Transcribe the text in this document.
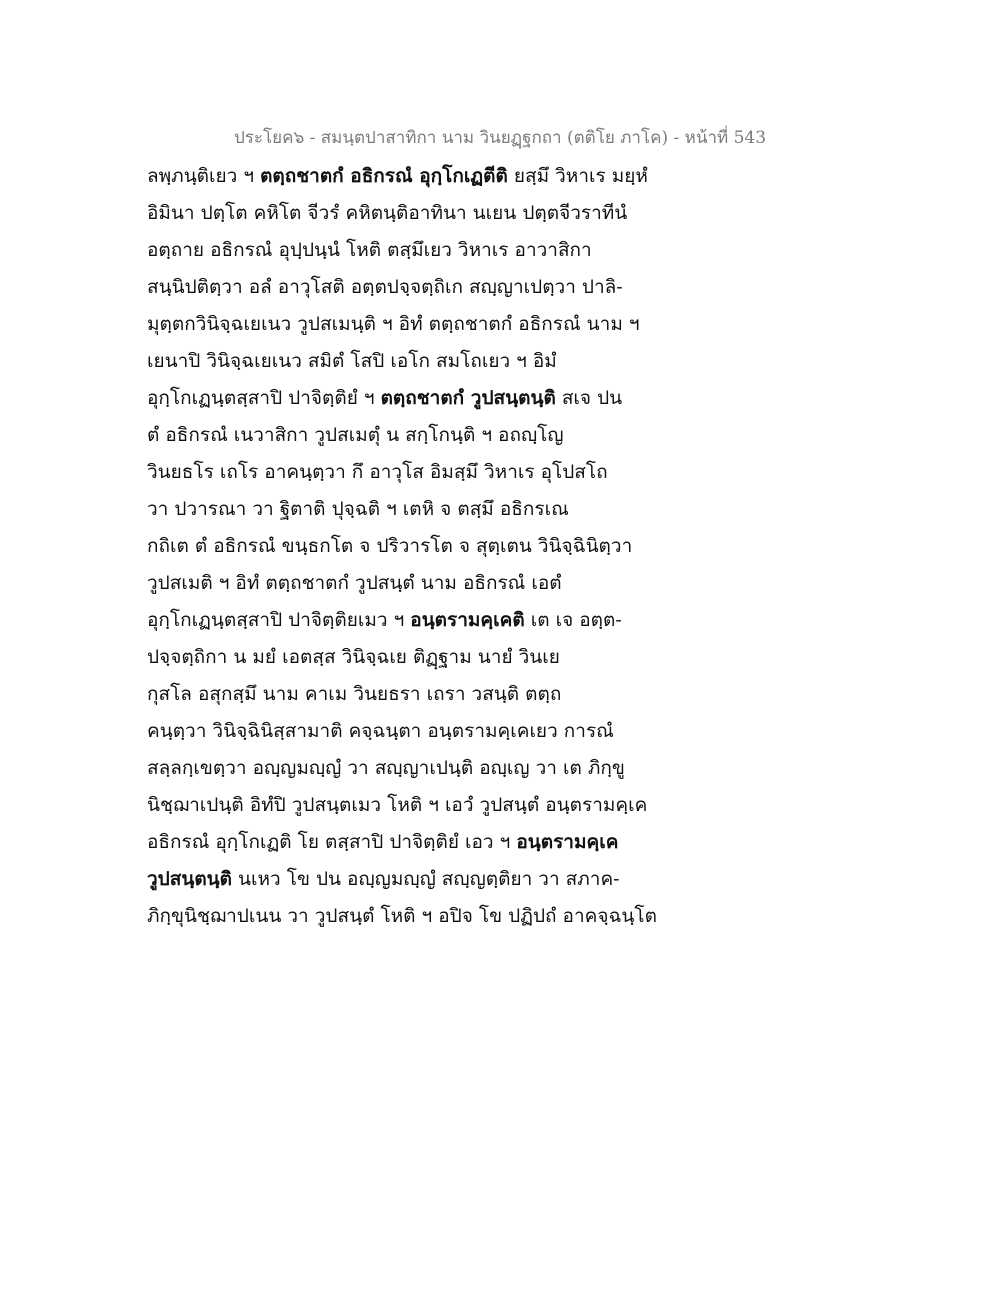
ประโยค๖ - สมนฺตปาสาทิกา นาม วินยฏฺฐกถา (ตติโย ภาโค) - หน้าที่ 543
ลพฺภนฺติเยว ฯ ตตฺถชาตกํ อธิกรณํ อุกฺโกเฏตีติ ยสฺมึ วิหาเร มยฺหํ
อิมินา ปตฺโต คหิโต จีวรํ คหิตนฺติอาทินา นเยน ปตฺตจีวราทีนํ
อตฺถาย อธิกรณํ อุปฺปนฺนํ โหติ ตสฺมึเยว วิหาเร อาวาสิกา
สนฺนิปติตฺวา อลํ อาวุโสติ อตฺตปจฺจตฺถิเก สญฺญาเปตฺวา ปาลิ-
มุตฺตกวินิจฺฉเยเนว วูปสเมนฺติ ฯ อิทํ ตตฺถชาตกํ อธิกรณํ นาม ฯ
เยนาปิ วินิจฺฉเยเนว สมิตํ โสปิ เอโก สมโถเยว ฯ อิมํ
อุกฺโกเฏนฺตสฺสาปิ ปาจิตฺติยํ ฯ ตตฺถชาตกํ วูปสนฺตนฺติ สเจ ปน
ตํ อธิกรณํ เนวาสิกา วูปสเมตุํ น สกฺโกนฺติ ฯ อถญฺโญ
วินยธโร เถโร อาคนฺตฺวา กึ อาวุโส อิมสฺมึ วิหาเร อุโปสโถ
วา ปวารณา วา ฐิตาติ ปุจฺฉติ ฯ เตหิ จ ตสฺมึ อธิกรเณ
กถิเต ตํ อธิกรณํ ขนฺธกโต จ ปริวารโต จ สุตฺเตน วินิจฺฉินิตฺวา
วูปสเมติ ฯ อิทํ ตตฺถชาตกํ วูปสนฺตํ นาม อธิกรณํ เอตํ
อุกฺโกเฏนฺตสฺสาปิ ปาจิตฺติยเมว ฯ อนฺตรามคฺเคติ เต เจ อตฺต-
ปจฺจตฺถิกา น มยํ เอตสฺส วินิจฺฉเย ติฏฺฐาม นายํ วินเย
กุสโล อสุกสฺมึ นาม คาเม วินยธรา เถรา วสนฺติ ตตฺถ
คนฺตฺวา วินิจฺฉินิสฺสามาติ คจฺฉนฺตา อนฺตรามคฺเคเยว การณํ
สลฺลกฺเขตฺวา อญฺญมญฺญํ วา สญฺญาเปนฺติ อญฺเญ วา เต ภิกฺขู
นิชฺฌาเปนฺติ อิทํปิ วูปสนฺตเมว โหติ ฯ เอวํ วูปสนฺตํ อนฺตรามคฺเค
อธิกรณํ อุกฺโกเฏติ โย ตสฺสาปิ ปาจิตฺติยํ เอว ฯ อนฺตรามคฺเค
วูปสนฺตนฺติ นเหว โข ปน อญฺญมญฺญํ สญฺญตฺติยา วา สภาค-
ภิกฺขุนิชฺฌาปเนน วา วูปสนฺตํ โหติ ฯ อปิจ โข ปฏิปถํ อาคจฺฉนฺโต
